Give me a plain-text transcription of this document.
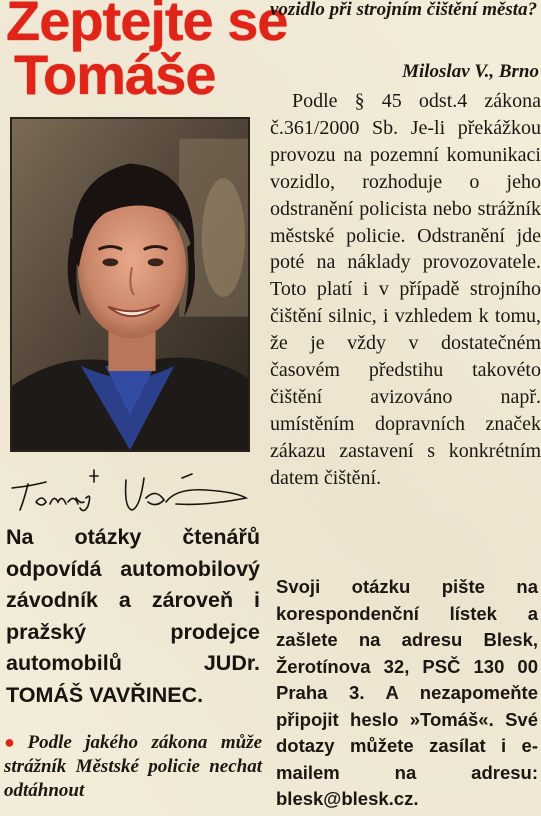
Zeptejte se
Tomáše
Na otázky čtenářů odpovídá automobilový závodník a zároveň i pražský prodejce automobilů JUDr. TOMÁŠ VAVŘINEC.
● Podle jakého zákona může strážník Městské policie nechat odtáhnout
vozidlo při strojním čištění města?
Miloslav V., Brno
Podle § 45 odst.4 zákona č.361/2000 Sb. Je-li překážkou provozu na pozemní komunikaci vozidlo, rozhoduje o jeho odstranění policista nebo strážník městské policie. Odstranění jde poté na náklady provozovatele. Toto platí i v případě strojního čištění silnic, i vzhledem k tomu, že je vždy v dostatečném časovém předstihu takovéto čištění avizováno např. umístěním dopravních značek zákazu zastavení s konkrétním datem čištění.
Svoji otázku pište na korespondenční lístek a zašlete na adresu Blesk, Žerotínova 32, PSČ 130 00 Praha 3. A nezapomeňte připojit heslo »Tomáš«. Své dotazy můžete zasílat i e-mailem na adresu: blesk@blesk.cz.
